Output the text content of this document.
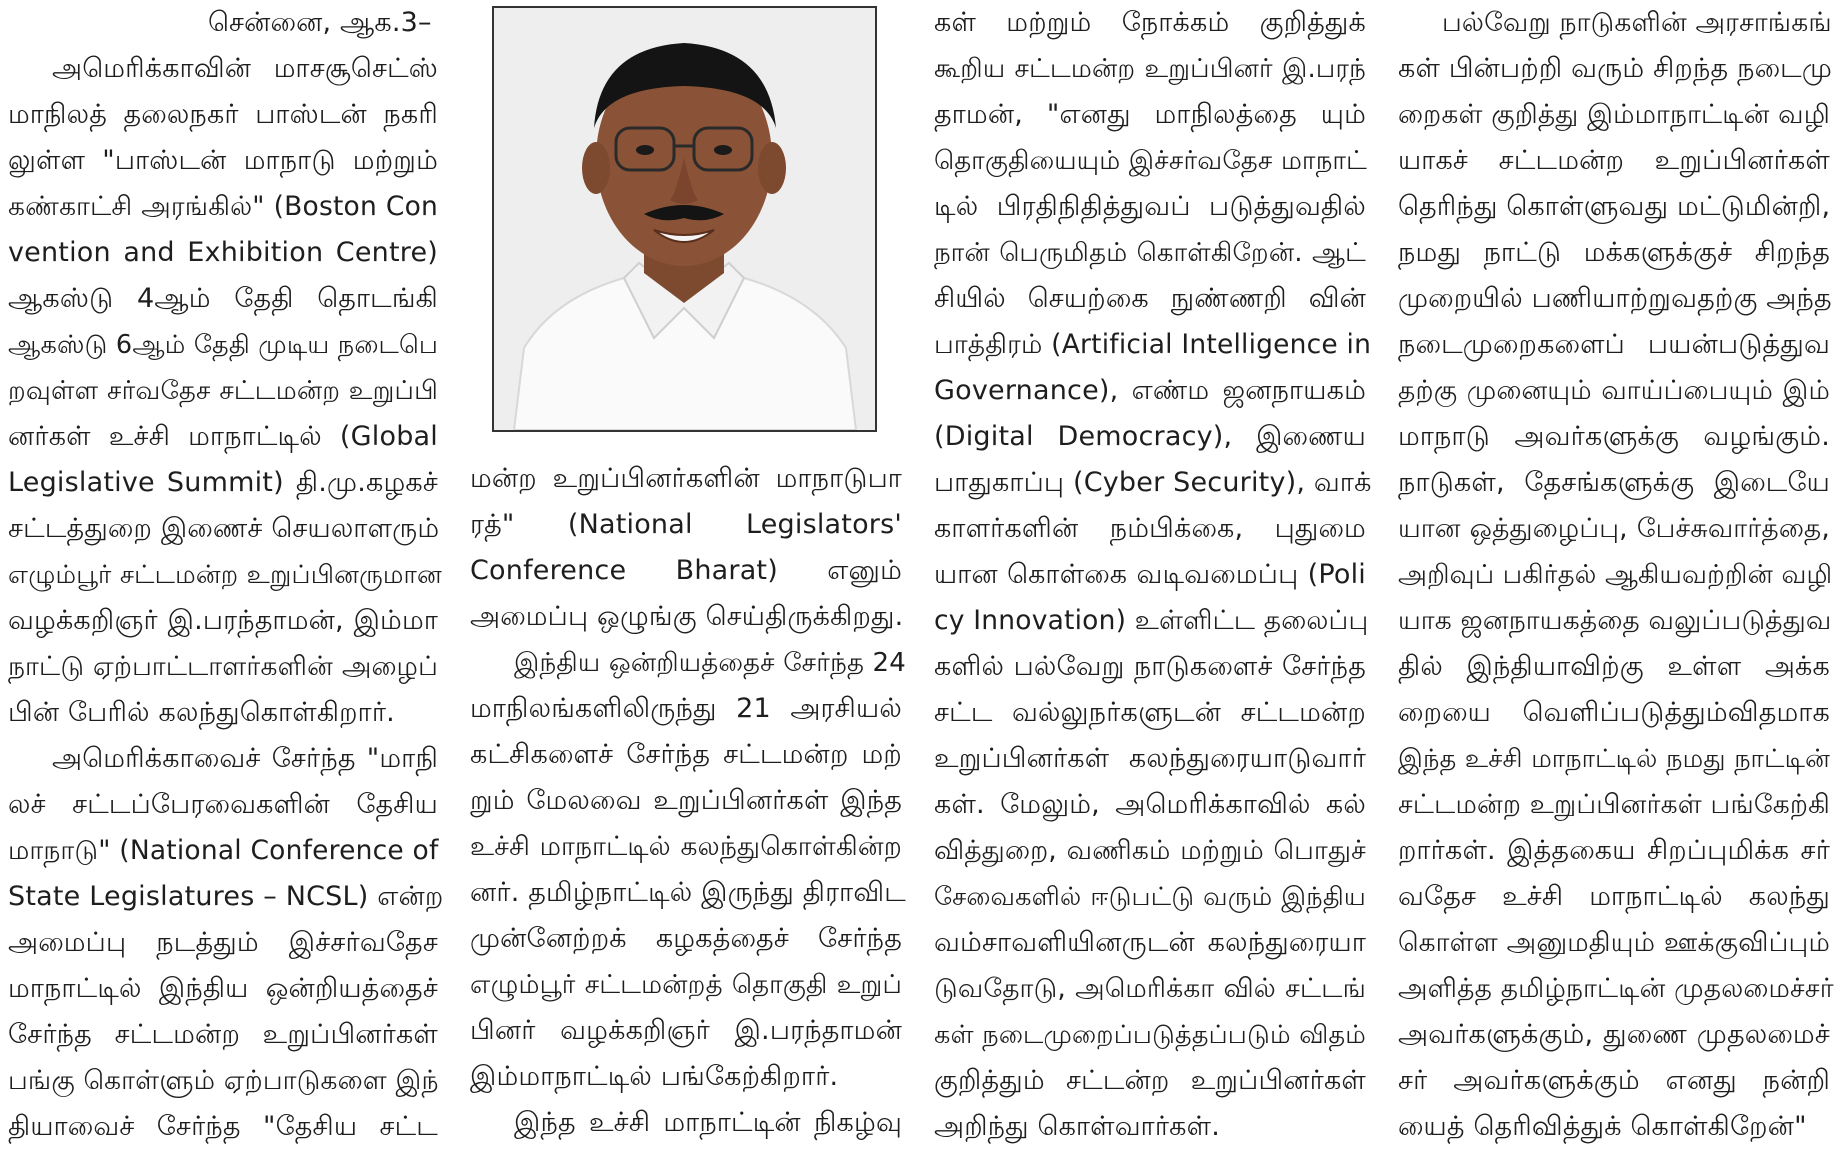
சென்னை, ஆக.3–
அமெரிக்காவின் மாசசூசெட்ஸ்
மாநிலத் தலைநகர் பாஸ்டன் நகரி
லுள்ள "பாஸ்டன் மாநாடு மற்றும்
கண்காட்சி அரங்கில்" (Boston Con
vention and Exhibition Centre)
ஆகஸ்டு 4ஆம் தேதி தொடங்கி
ஆகஸ்டு 6ஆம் தேதி முடிய நடைபெ
றவுள்ள சர்வதேச சட்டமன்ற உறுப்பி
னர்கள் உச்சி மாநாட்டில் (Global
Legislative Summit) தி.மு.கழகச்
சட்டத்துறை இணைச் செயலாளரும்
எழும்பூர் சட்டமன்ற உறுப்பினருமான
வழக்கறிஞர் இ.பரந்தாமன், இம்மா
நாட்டு ஏற்பாட்டாளர்களின் அழைப்
பின் பேரில் கலந்துகொள்கிறார்.
அமெரிக்காவைச் சேர்ந்த "மாநி
லச் சட்டப்பேரவைகளின் தேசிய
மாநாடு" (National Conference of
State Legislatures – NCSL) என்ற
அமைப்பு நடத்தும் இச்சர்வதேச
மாநாட்டில் இந்திய ஒன்றியத்தைச்
சேர்ந்த சட்டமன்ற உறுப்பினர்கள்
பங்கு கொள்ளும் ஏற்பாடுகளை இந்
தியாவைச் சேர்ந்த "தேசிய சட்ட
மன்ற உறுப்பினர்களின் மாநாடுபா
ரத்" (National Legislators'
Conference Bharat) எனும்
அமைப்பு ஒழுங்கு செய்திருக்கிறது.
இந்திய ஒன்றியத்தைச் சேர்ந்த 24
மாநிலங்களிலிருந்து 21 அரசியல்
கட்சிகளைச் சேர்ந்த சட்டமன்ற மற்
றும் மேலவை உறுப்பினர்கள் இந்த
உச்சி மாநாட்டில் கலந்துகொள்கின்ற
னர். தமிழ்நாட்டில் இருந்து திராவிட
முன்னேற்றக் கழகத்தைச் சேர்ந்த
எழும்பூர் சட்டமன்றத் தொகுதி உறுப்
பினர் வழக்கறிஞர் இ.பரந்தாமன்
இம்மாநாட்டில் பங்கேற்கிறார்.
இந்த உச்சி மாநாட்டின் நிகழ்வு
கள் மற்றும் நோக்கம் குறித்துக்
கூறிய சட்டமன்ற உறுப்பினர் இ.பரந்
தாமன், "எனது மாநிலத்தை யும்
தொகுதியையும் இச்சர்வதேச மாநாட்
டில் பிரதிநிதித்துவப் படுத்துவதில்
நான் பெருமிதம் கொள்கிறேன். ஆட்
சியில் செயற்கை நுண்ணறி வின்
பாத்திரம் (Artificial Intelligence in
Governance), எண்ம ஜனநாயகம்
(Digital Democracy), இணைய
பாதுகாப்பு (Cyber Security), வாக்
காளர்களின் நம்பிக்கை, புதுமை
யான கொள்கை வடிவமைப்பு (Poli
cy Innovation) உள்ளிட்ட தலைப்பு
களில் பல்வேறு நாடுகளைச் சேர்ந்த
சட்ட வல்லுநர்களுடன் சட்டமன்ற
உறுப்பினர்கள் கலந்துரையாடுவார்
கள். மேலும், அமெரிக்காவில் கல்
வித்துறை, வணிகம் மற்றும் பொதுச்
சேவைகளில் ஈடுபட்டு வரும் இந்திய
வம்சாவளியினருடன் கலந்துரையா
டுவதோடு, அமெரிக்கா வில் சட்டங்
கள் நடைமுறைப்படுத்தப்படும் விதம்
குறித்தும் சட்டன்ற உறுப்பினர்கள்
அறிந்து கொள்வார்கள்.
பல்வேறு நாடுகளின் அரசாங்கங்
கள் பின்பற்றி வரும் சிறந்த நடைமு
றைகள் குறித்து இம்மாநாட்டின் வழி
யாகச் சட்டமன்ற உறுப்பினர்கள்
தெரிந்து கொள்ளுவது மட்டுமின்றி,
நமது நாட்டு மக்களுக்குச் சிறந்த
முறையில் பணியாற்றுவதற்கு அந்த
நடைமுறைகளைப் பயன்படுத்துவ
தற்கு முனையும் வாய்ப்பையும் இம்
மாநாடு அவர்களுக்கு வழங்கும்.
நாடுகள், தேசங்களுக்கு இடையே
யான ஒத்துழைப்பு, பேச்சுவார்த்தை,
அறிவுப் பகிர்தல் ஆகியவற்றின் வழி
யாக ஜனநாயகத்தை வலுப்படுத்துவ
தில் இந்தியாவிற்கு உள்ள அக்க
றையை வெளிப்படுத்தும்விதமாக
இந்த உச்சி மாநாட்டில் நமது நாட்டின்
சட்டமன்ற உறுப்பினர்கள் பங்கேற்கி
றார்கள். இத்தகைய சிறப்புமிக்க சர்
வதேச உச்சி மாநாட்டில் கலந்து
கொள்ள அனுமதியும் ஊக்குவிப்பும்
அளித்த தமிழ்நாட்டின் முதலமைச்சர்
அவர்களுக்கும், துணை முதலமைச்
சர் அவர்களுக்கும் எனது நன்றி
யைத் தெரிவித்துக் கொள்கிறேன்"
